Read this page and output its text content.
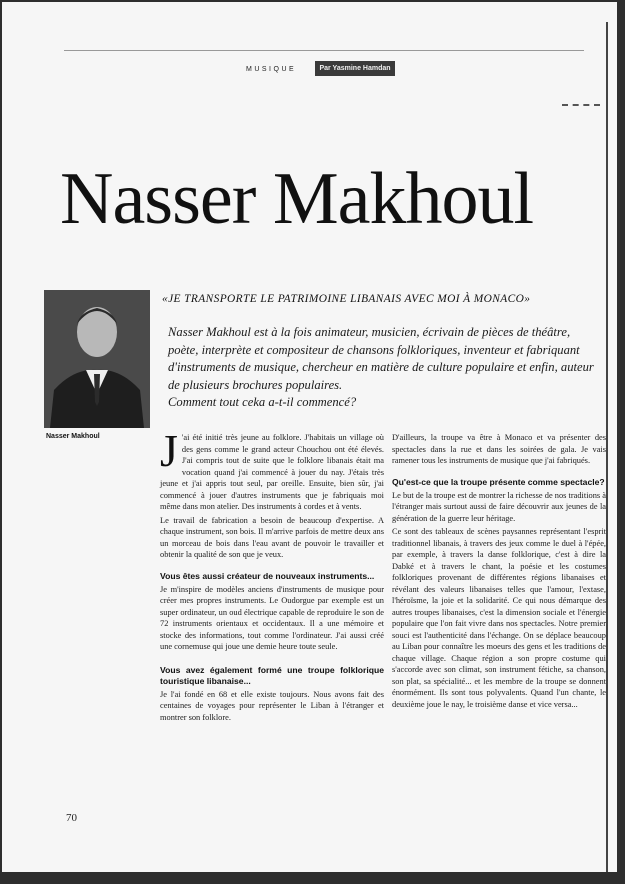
MUSIQUE	Par Yasmine Hamdan
Nasser Makhoul
Nasser Makhoul
«JE TRANSPORTE LE PATRIMOINE LIBANAIS AVEC MOI À MONACO»

Nasser Makhoul est à la fois animateur, musicien, écrivain de pièces de théâtre, poète, interprète et compositeur de chansons folkloriques, inventeur et fabriquant d'instruments de musique, chercheur en matière de culture populaire et enfin, auteur de plusieurs brochures populaires.

Comment tout ceka a-t-il commencé?

J 'ai été initié très jeune au folklore. J'habitais un village où des gens comme le grand acteur Chouchou ont été élevés. J'ai compris tout de suite que le folklore libanais était ma vocation quand j'ai commencé à jouer du nay. J'étais très jeune et j'ai appris tout seul, par oreille. Ensuite, bien sûr, j'ai commencé à jouer d'autres instruments que je fabriquais moi même dans mon atelier. Des instruments à cordes et à vents.

Le travail de fabrication a besoin de beaucoup d'expertise. A chaque instrument, son bois. Il m'arrive parfois de mettre deux ans un morceau de bois dans l'eau avant de pouvoir le travailler et obtenir la qualité de son que je veux.

Vous êtes aussi créateur de nouveaux instruments...

Je m'inspire de modèles anciens d'instruments de musique pour créer mes propres instruments. Le Oudorgue par exemple est un super ordinateur, un oud électrique capable de reproduire le son de 72 instruments orientaux et occidentaux. Il a une mémoire et stocke des informations, tout comme l'ordinateur. J'ai aussi créé une cornemuse qui joue une demie heure toute seule.

Vous avez également formé une troupe folklorique touristique libanaise...

Je l'ai fondé en 68 et elle existe toujours. Nous avons fait des centaines de voyages pour représenter le Liban à l'étranger et montrer son folklore.

D'ailleurs, la troupe va être à Monaco et va présenter des spectacles dans la rue et dans les soirées de gala. Je vais ramener tous les instruments de musique que j'ai fabriqués.

Qu'est-ce que la troupe présente comme spectacle?

Le but de la troupe est de montrer la richesse de nos traditions à l'étranger mais surtout aussi de faire découvrir aux jeunes de la génération de la guerre leur héritage.

Ce sont des tableaux de scènes paysannes représentant l'esprit traditionnel libanais, à travers des jeux comme le duel à l'épée, par exemple, à travers la danse folklorique, c'est à dire la Dabké et à travers le chant, la poésie et les costumes folkloriques provenant de différentes régions libanaises et révélant des valeurs libanaises telles que l'amour, l'extase, l'héroïsme, la joie et la solidarité. Ce qui nous démarque des autres troupes libanaises, c'est la dimension sociale et l'énergie populaire que l'on fait vivre dans nos spectacles. Notre premier souci est l'authenticité dans l'échange. On se déplace beaucoup au Liban pour connaître les moeurs des gens et les traditions de chaque village. Chaque région a son propre costume qui s'accorde avec son climat, son instrument fétiche, sa chanson, son plat, sa spécialité... et les membre de la troupe se donnent énormément. Ils sont tous polyvalents. Quand l'un chante, le deuxième joue le nay, le troisième danse et vice versa...

70
